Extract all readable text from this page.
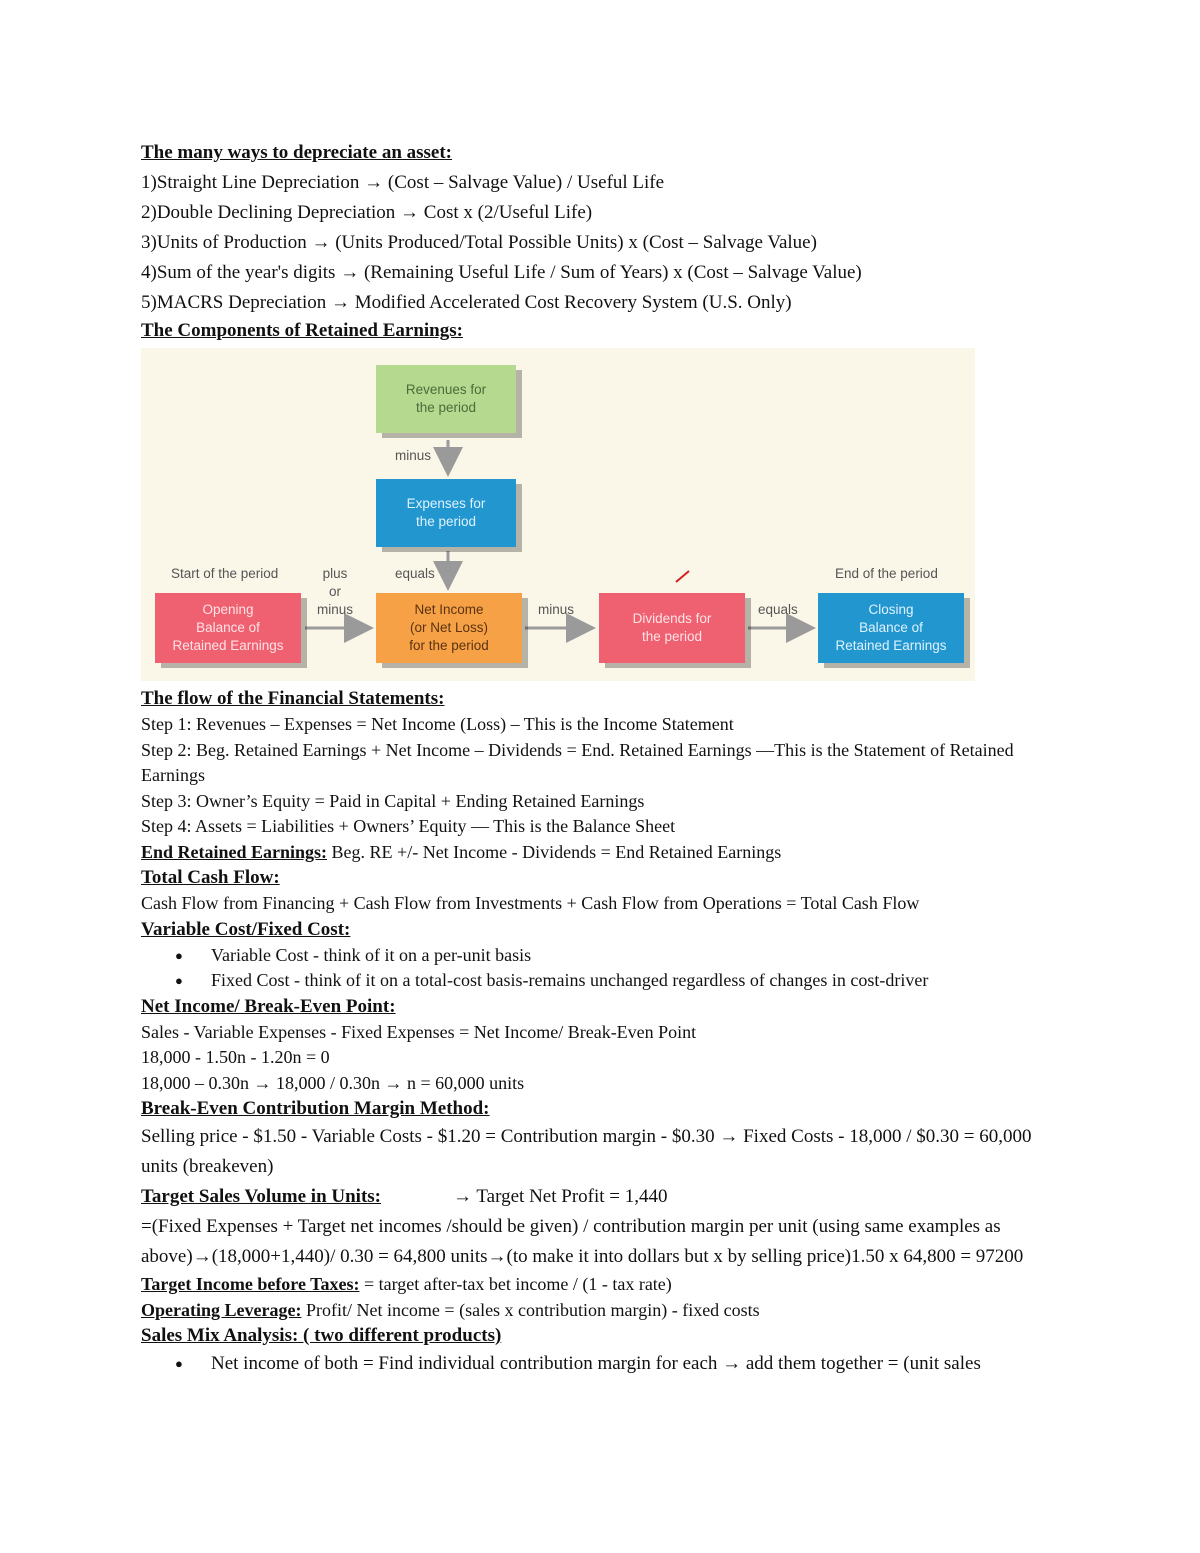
The many ways to depreciate an asset:
1)Straight Line Depreciation → (Cost – Salvage Value) / Useful Life
2)Double Declining Depreciation → Cost x (2/Useful Life)
3)Units of Production → (Units Produced/Total Possible Units) x (Cost – Salvage Value)
4)Sum of the year's digits → (Remaining Useful Life / Sum of Years) x (Cost – Salvage Value)
5)MACRS Depreciation → Modified Accelerated Cost Recovery System (U.S. Only)
The Components of Retained Earnings:
Revenues for
the period
Expenses for
the period
Opening
Balance of
Retained Earnings
Net Income
(or Net Loss)
for the period
Dividends for
the period
Closing
Balance of
Retained Earnings
minus
equals
Start of the period	End of the period
plus
or
minus	minus	equals
The flow of the Financial Statements:
Step 1: Revenues – Expenses = Net Income (Loss) – This is the Income Statement
Step 2: Beg. Retained Earnings + Net Income – Dividends = End. Retained Earnings —This is the Statement of Retained Earnings
Step 3: Owner’s Equity = Paid in Capital + Ending Retained Earnings
Step 4: Assets = Liabilities + Owners’ Equity — This is the Balance Sheet
End Retained Earnings: Beg. RE +/- Net Income - Dividends = End Retained Earnings
Total Cash Flow:
Cash Flow from Financing + Cash Flow from Investments + Cash Flow from Operations = Total Cash Flow
Variable Cost/Fixed Cost:
● Variable Cost - think of it on a per-unit basis
● Fixed Cost - think of it on a total-cost basis-remains unchanged regardless of changes in cost-driver
Net Income/ Break-Even Point:
Sales - Variable Expenses - Fixed Expenses = Net Income/ Break-Even Point
18,000 - 1.50n - 1.20n = 0
18,000 – 0.30n → 18,000 / 0.30n → n = 60,000 units
Break-Even Contribution Margin Method:
Selling price - $1.50 - Variable Costs - $1.20 = Contribution margin - $0.30 → Fixed Costs - 18,000 / $0.30 = 60,000 units (breakeven)
Target Sales Volume in Units:	→ Target Net Profit = 1,440
=(Fixed Expenses + Target net incomes /should be given) / contribution margin per unit (using same examples as above)→(18,000+1,440)/ 0.30 = 64,800 units→(to make it into dollars but x by selling price)1.50 x 64,800 = 97200
Target Income before Taxes: = target after-tax bet income / (1 - tax rate)
Operating Leverage: Profit/ Net income = (sales x contribution margin) - fixed costs
Sales Mix Analysis: ( two different products)
● Net income of both = Find individual contribution margin for each → add them together = (unit sales
